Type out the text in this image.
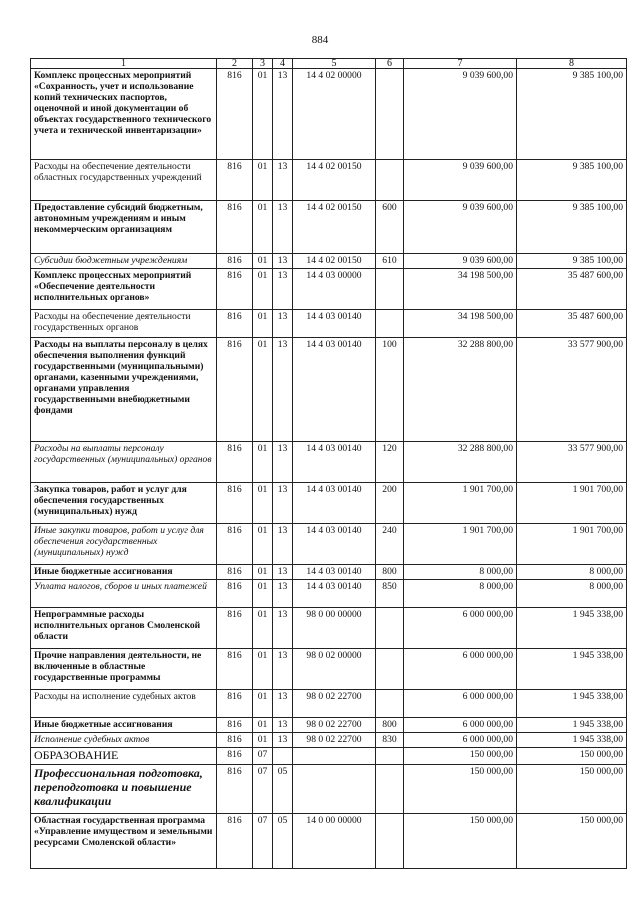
884
1	2	3	4	5	6	7	8
Комплекс процессных мероприятий «Сохранность, учет и использование копий технических паспортов, оценочной и иной документации об объектах государственного технического учета и технической инвентаризации»	816	01	13	14 4 02 00000		9 039 600,00	9 385 100,00
Расходы на обеспечение деятельности областных государственных учреждений	816	01	13	14 4 02 00150		9 039 600,00	9 385 100,00
Предоставление субсидий бюджетным, автономным учреждениям и иным некоммерческим организациям	816	01	13	14 4 02 00150	600	9 039 600,00	9 385 100,00
Субсидии бюджетным учреждениям	816	01	13	14 4 02 00150	610	9 039 600,00	9 385 100,00
Комплекс процессных мероприятий «Обеспечение деятельности исполнительных органов»	816	01	13	14 4 03 00000		34 198 500,00	35 487 600,00
Расходы на обеспечение деятельности государственных органов	816	01	13	14 4 03 00140		34 198 500,00	35 487 600,00
Расходы на выплаты персоналу в целях обеспечения выполнения функций государственными (муниципальными) органами, казенными учреждениями, органами управления государственными внебюджетными фондами	816	01	13	14 4 03 00140	100	32 288 800,00	33 577 900,00
Расходы на выплаты персоналу государственных (муниципальных) органов	816	01	13	14 4 03 00140	120	32 288 800,00	33 577 900,00
Закупка товаров, работ и услуг для обеспечения государственных (муниципальных) нужд	816	01	13	14 4 03 00140	200	1 901 700,00	1 901 700,00
Иные закупки товаров, работ и услуг для обеспечения государственных (муниципальных) нужд	816	01	13	14 4 03 00140	240	1 901 700,00	1 901 700,00
Иные бюджетные ассигнования	816	01	13	14 4 03 00140	800	8 000,00	8 000,00
Уплата налогов, сборов и иных платежей	816	01	13	14 4 03 00140	850	8 000,00	8 000,00
Непрограммные расходы исполнительных органов Смоленской области	816	01	13	98 0 00 00000		6 000 000,00	1 945 338,00
Прочие направления деятельности, не включенные в областные государственные программы	816	01	13	98 0 02 00000		6 000 000,00	1 945 338,00
Расходы на исполнение судебных актов	816	01	13	98 0 02 22700		6 000 000,00	1 945 338,00
Иные бюджетные ассигнования	816	01	13	98 0 02 22700	800	6 000 000,00	1 945 338,00
Исполнение судебных актов	816	01	13	98 0 02 22700	830	6 000 000,00	1 945 338,00
ОБРАЗОВАНИЕ	816	07				150 000,00	150 000,00
Профессиональная подготовка, переподготовка и повышение квалификации	816	07	05			150 000,00	150 000,00
Областная государственная программа «Управление имуществом и земельными ресурсами Смоленской области»	816	07	05	14 0 00 00000		150 000,00	150 000,00
